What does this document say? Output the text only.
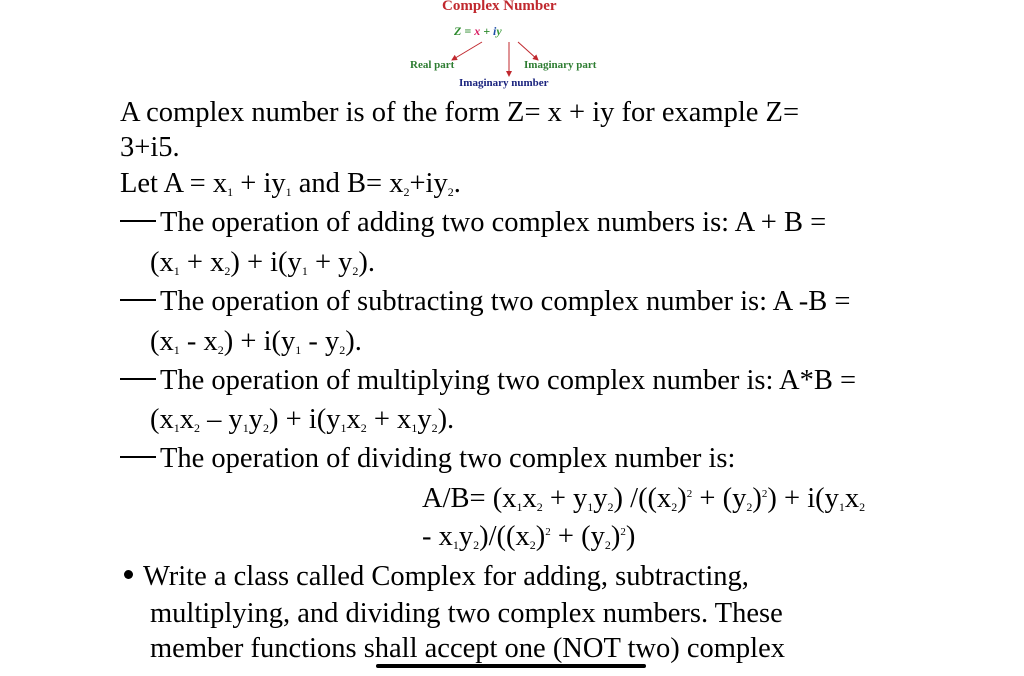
Complex Number
Z = x + iy
Real part	Imaginary part
Imaginary number
A complex number is of the form Z= x + iy for example Z=
3+i5.
Let $A = x_1 + iy_1$ and $B= x_2+iy_2$.
The operation of adding two complex numbers is: A + B =
$(x_1 + x_2) + i(y_1 + y_2)$.
The operation of subtracting two complex number is: A -B =
$(x_1 - x_2) + i(y_1 - y_2)$.
The operation of multiplying two complex number is: A*B =
$(x_1x_2 - y_1y_2) + i(y_1x_2 + x_1y_2)$.
The operation of dividing two complex number is:
$A/B= (x_1x_2 + y_1y_2) /((x_2)^2 + (y_2)^2) + i(y_1x_2$
- $x_1y_2)/((x_2)^2 + (y_2)^2)$
Write a class called Complex for adding, subtracting,
multiplying, and dividing two complex numbers. These
member functions shall accept one (NOT two) complex
